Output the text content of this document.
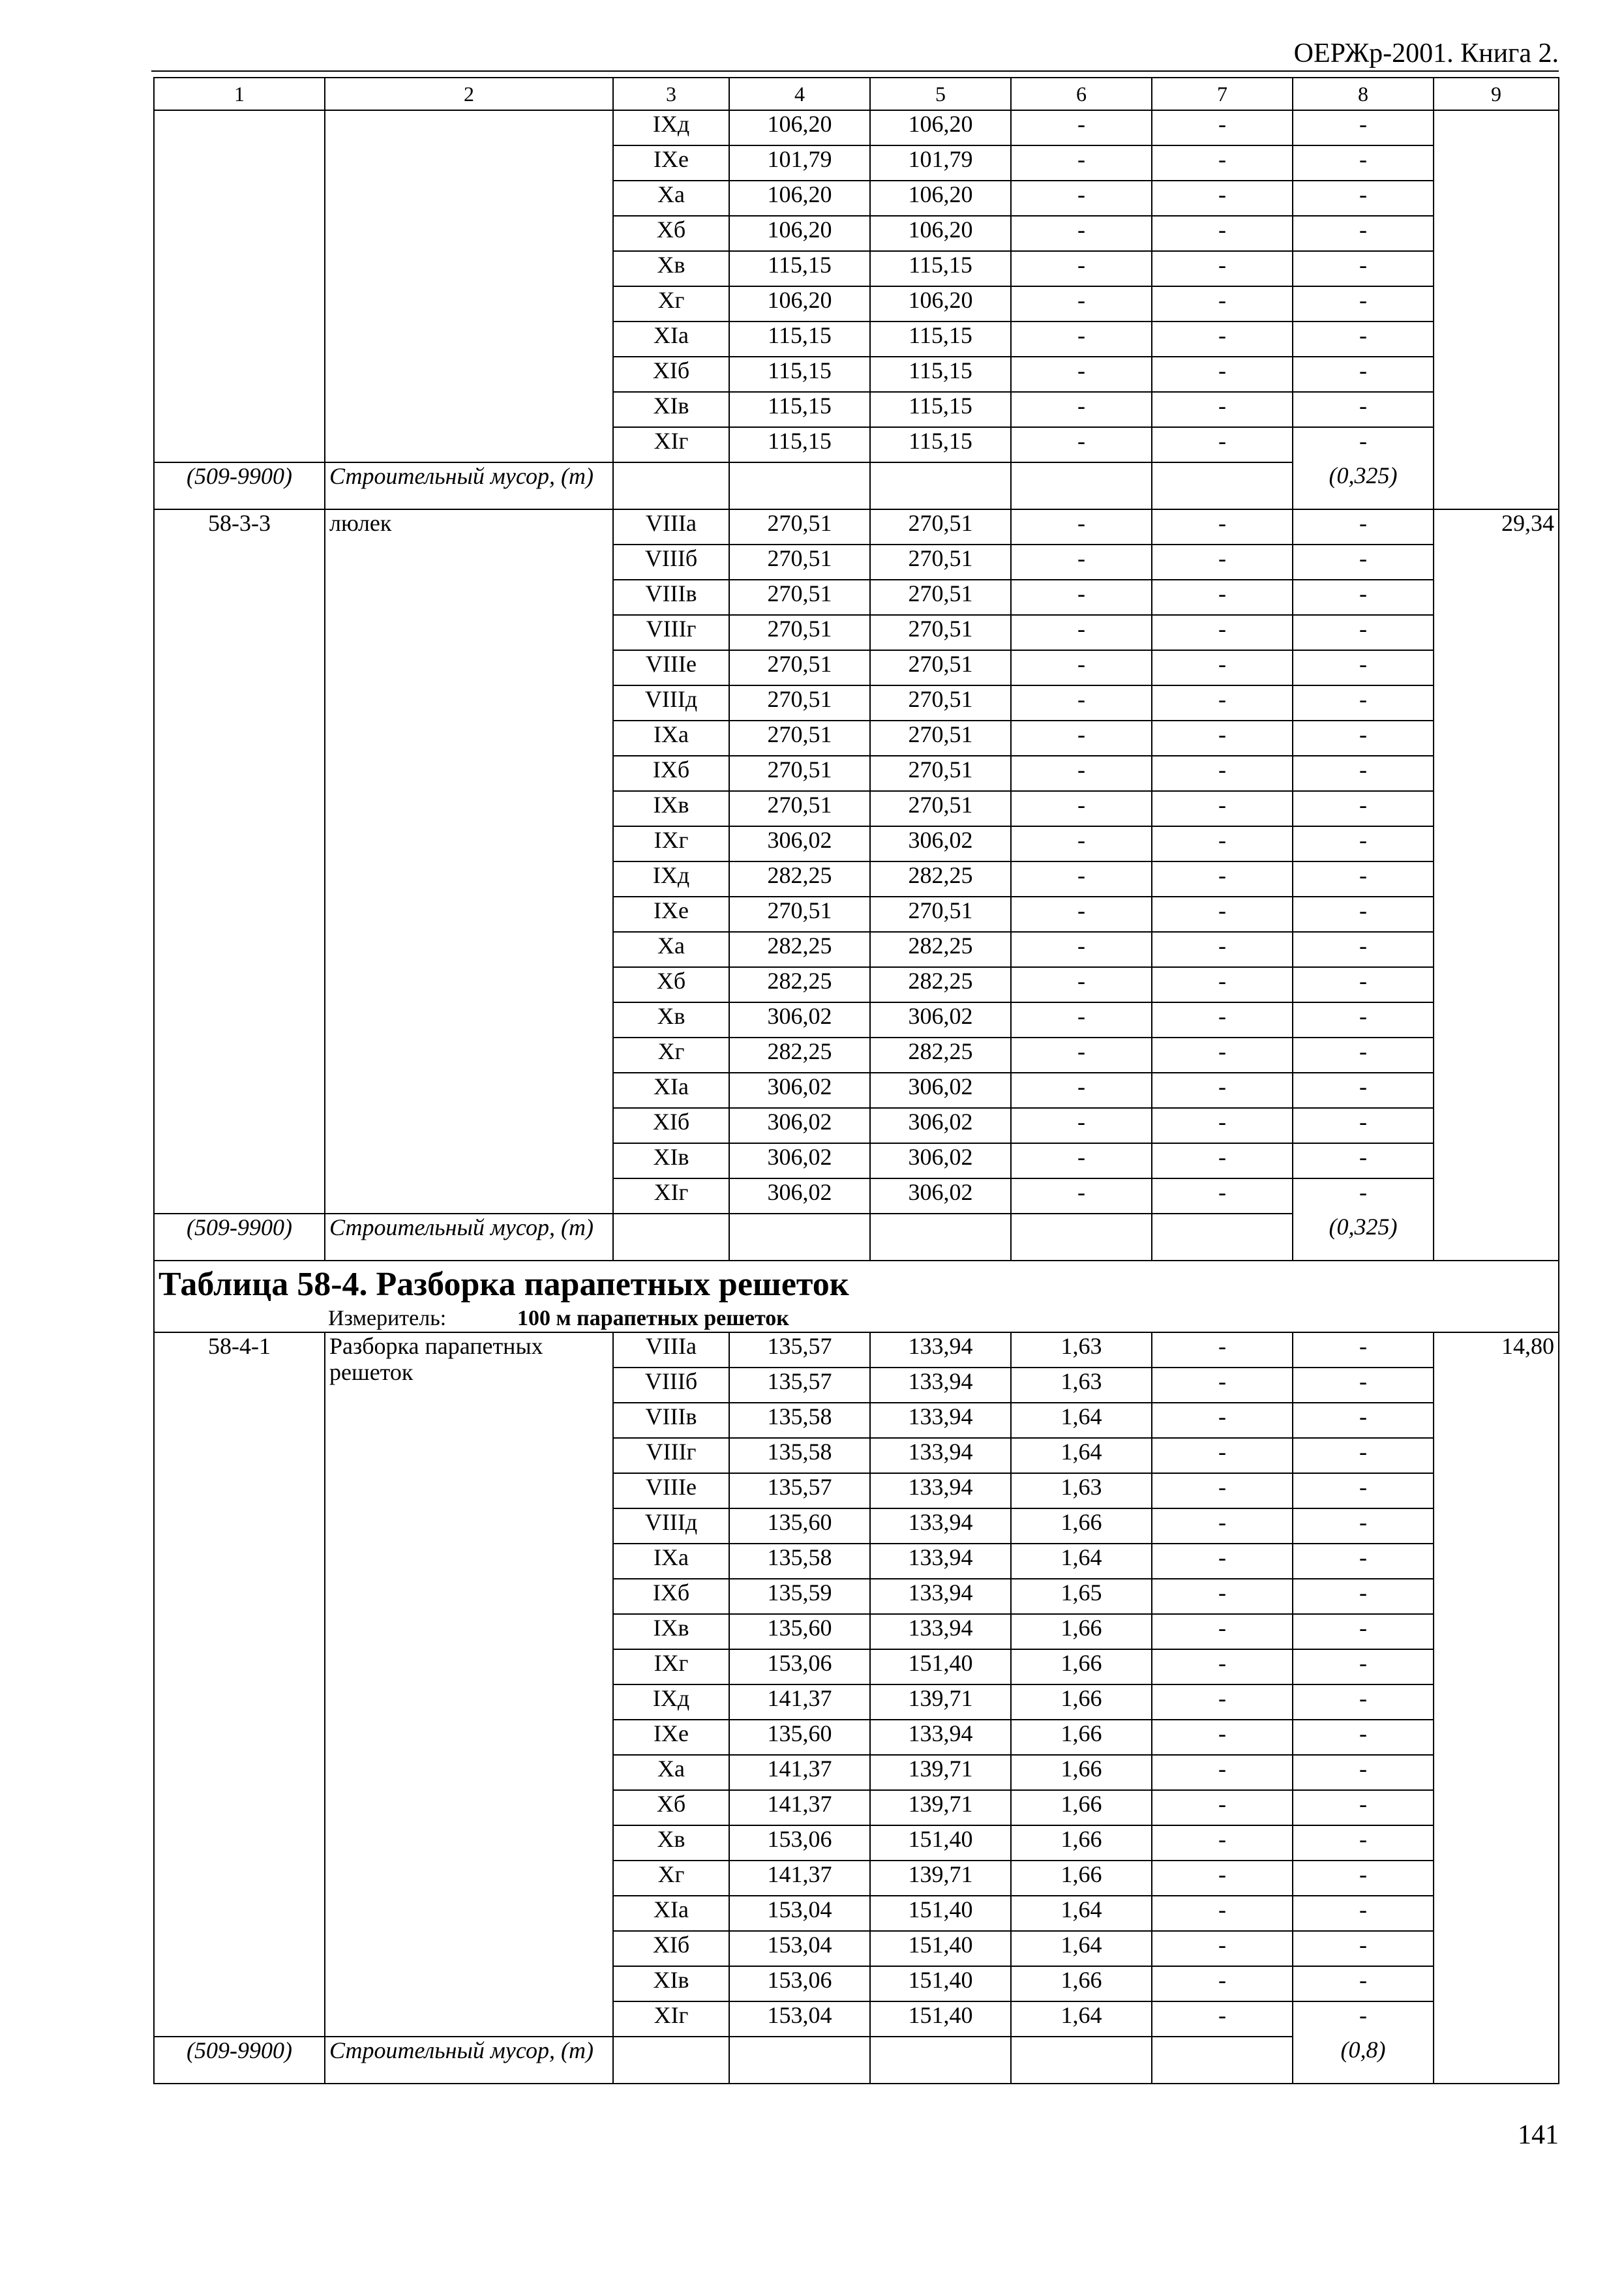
ОЕРЖр-2001. Книга 2.
1	2	3	4	5	6	7	8	9
		IXд	106,20	106,20	-	-	-	
		IXе	101,79	101,79	-	-	-	
		Xа	106,20	106,20	-	-	-	
		Xб	106,20	106,20	-	-	-	
		Xв	115,15	115,15	-	-	-	
		Xг	106,20	106,20	-	-	-	
		XIа	115,15	115,15	-	-	-	
		XIб	115,15	115,15	-	-	-	
		XIв	115,15	115,15	-	-	-	
		XIг	115,15	115,15	-	-	-	
(509-9900)	Строительный мусор, (т)						(0,325)	
58-3-3	люлек	VIIIа	270,51	270,51	-	-	-	29,34
		VIIIб	270,51	270,51	-	-	-	
		VIIIв	270,51	270,51	-	-	-	
		VIIIг	270,51	270,51	-	-	-	
		VIIIе	270,51	270,51	-	-	-	
		VIIIд	270,51	270,51	-	-	-	
		IXа	270,51	270,51	-	-	-	
		IXб	270,51	270,51	-	-	-	
		IXв	270,51	270,51	-	-	-	
		IXг	306,02	306,02	-	-	-	
		IXд	282,25	282,25	-	-	-	
		IXе	270,51	270,51	-	-	-	
		Xа	282,25	282,25	-	-	-	
		Xб	282,25	282,25	-	-	-	
		Xв	306,02	306,02	-	-	-	
		Xг	282,25	282,25	-	-	-	
		XIа	306,02	306,02	-	-	-	
		XIб	306,02	306,02	-	-	-	
		XIв	306,02	306,02	-	-	-	
		XIг	306,02	306,02	-	-	-	
(509-9900)	Строительный мусор, (т)						(0,325)	

Таблица 58-4. Разборка парапетных решеток
Измеритель: 100 м парапетных решеток								

58-4-1	Разборка парапетных решеток	VIIIа	135,57	133,94	1,63	-	-	14,80
		VIIIб	135,57	133,94	1,63	-	-	
		VIIIв	135,58	133,94	1,64	-	-	
		VIIIг	135,58	133,94	1,64	-	-	
		VIIIе	135,57	133,94	1,63	-	-	
		VIIIд	135,60	133,94	1,66	-	-	
		IXа	135,58	133,94	1,64	-	-	
		IXб	135,59	133,94	1,65	-	-	
		IXв	135,60	133,94	1,66	-	-	
		IXг	153,06	151,40	1,66	-	-	
		IXд	141,37	139,71	1,66	-	-	
		IXе	135,60	133,94	1,66	-	-	
		Xа	141,37	139,71	1,66	-	-	
		Xб	141,37	139,71	1,66	-	-	
		Xв	153,06	151,40	1,66	-	-	
		Xг	141,37	139,71	1,66	-	-	
		XIа	153,04	151,40	1,64	-	-	
		XIб	153,04	151,40	1,64	-	-	
		XIв	153,06	151,40	1,66	-	-	
		XIг	153,04	151,40	1,64	-	-	
(509-9900)	Строительный мусор, (т)						(0,8)	
141
